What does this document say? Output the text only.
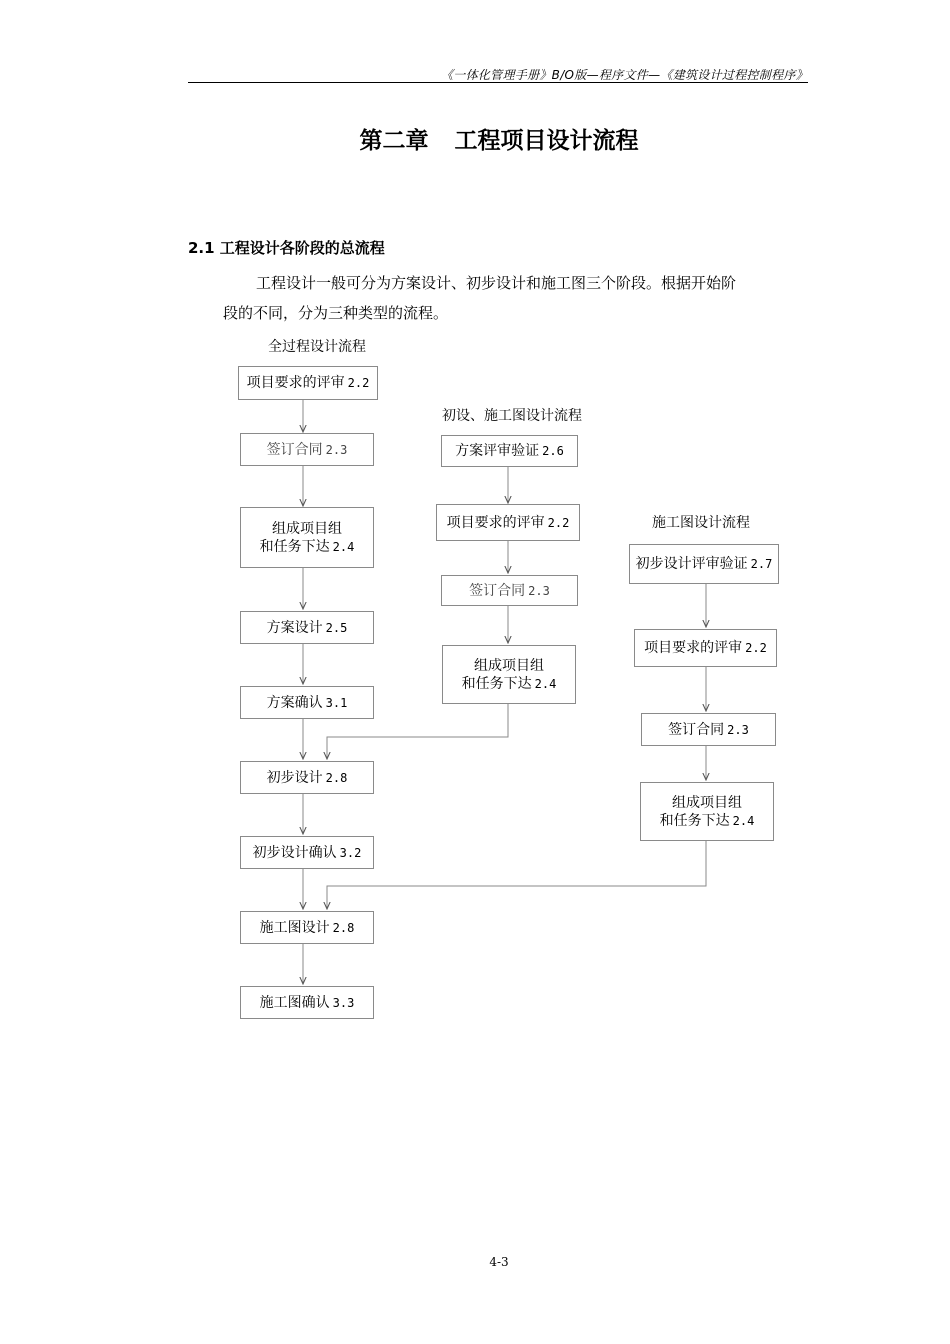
《一体化管理手册》B/O版—程序文件—《建筑设计过程控制程序》
第二章 工程项目设计流程
2.1 工程设计各阶段的总流程
工程设计一般可分为方案设计、初步设计和施工图三个阶段。根据开始阶
段的不同，分为三种类型的流程。
全过程设计流程
初设、施工图设计流程
施工图设计流程
项目要求的评审 2.2
签订合同 2.3
组成项目组
和任务下达 2.4
方案设计 2.5
方案确认 3.1
初步设计 2.8
初步设计确认 3.2
施工图设计 2.8
施工图确认 3.3
方案评审验证 2.6
项目要求的评审 2.2
签订合同 2.3
组成项目组
和任务下达 2.4
初步设计评审验证 2.7
项目要求的评审 2.2
签订合同 2.3
组成项目组
和任务下达 2.4
4-3
